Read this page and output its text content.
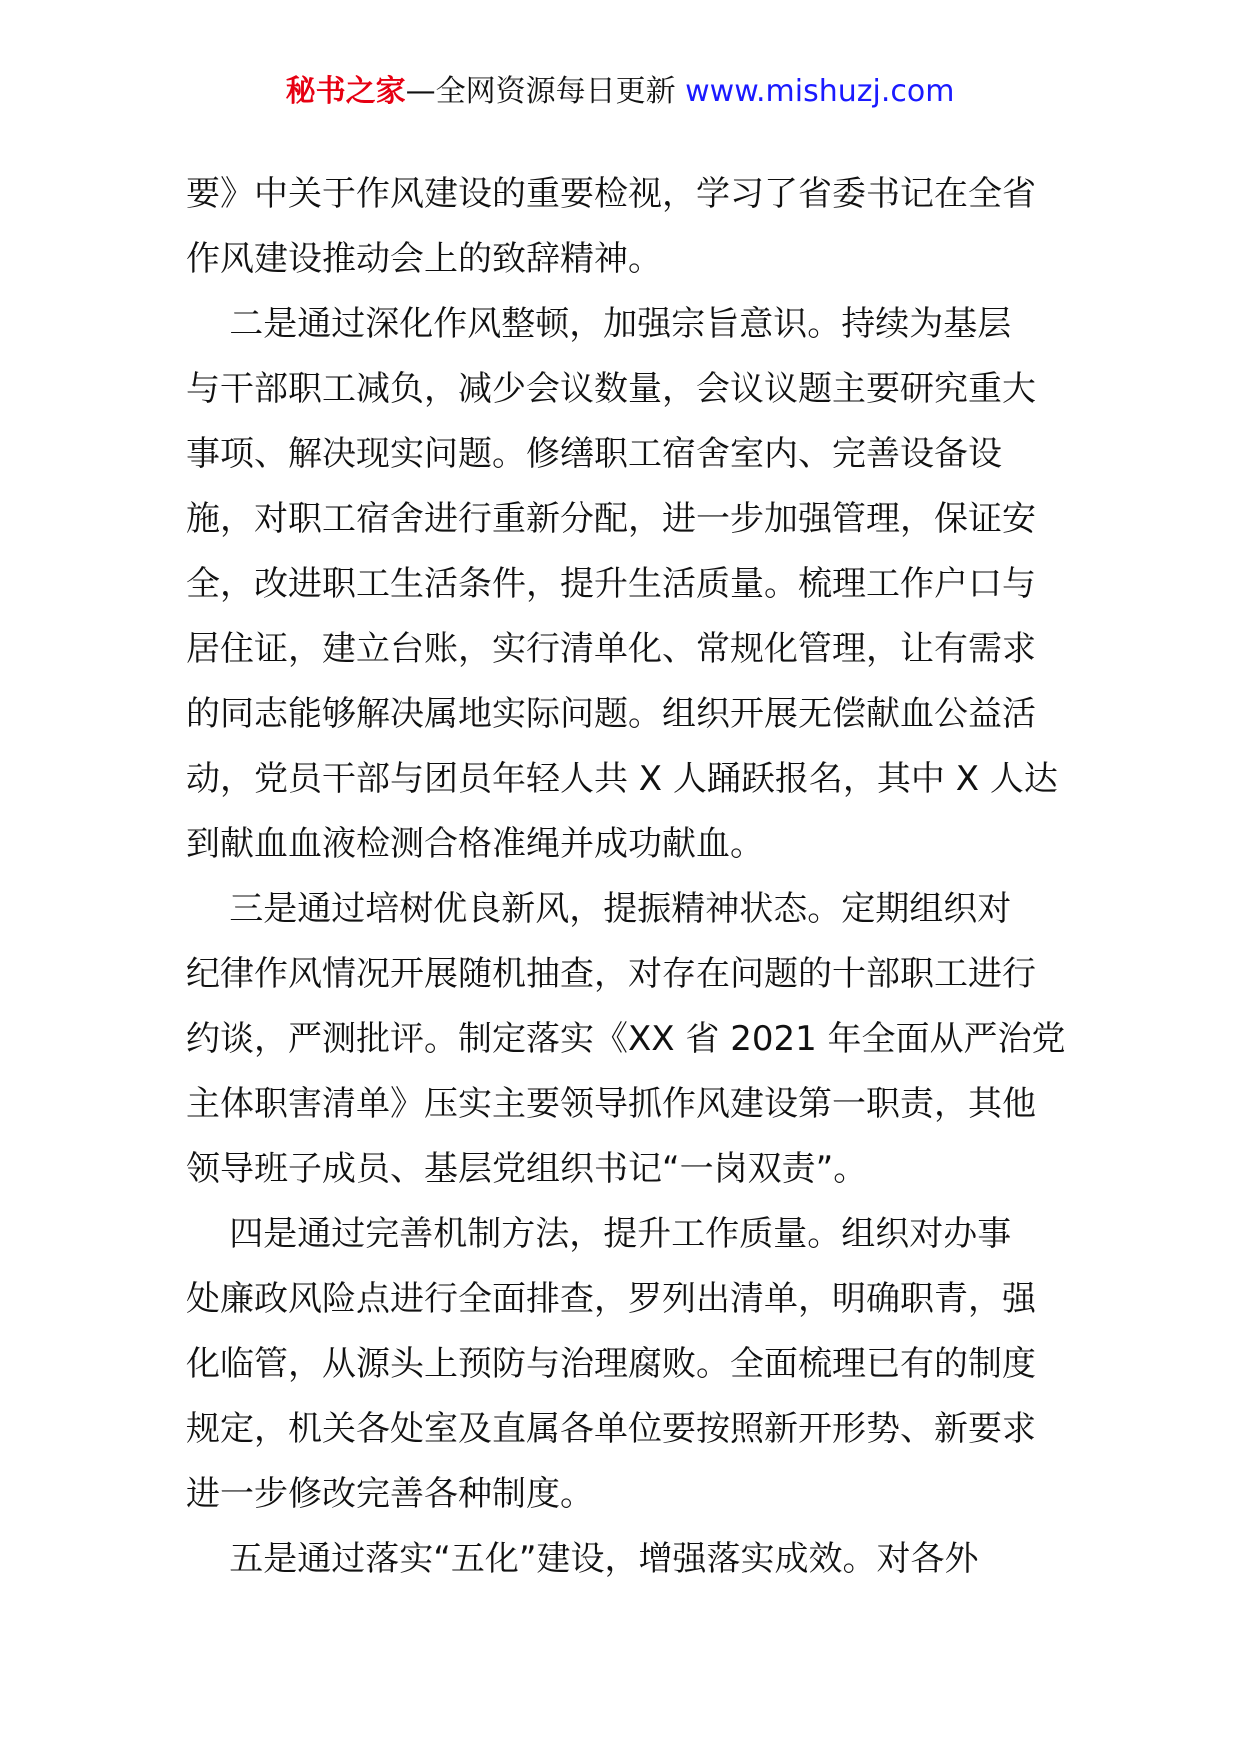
秘书之家—全网资源每日更新 www.mishuzj.com

要》中关于作风建设的重要检视，学习了省委书记在全省

作风建设推动会上的致辞精神。

二是通过深化作风整顿，加强宗旨意识。持续为基层

与干部职工减负，减少会议数量，会议议题主要研究重大

事项、解决现实问题。修缮职工宿舍室内、完善设备设

施，对职工宿舍进行重新分配，进一步加强管理，保证安

全，改进职工生活条件，提升生活质量。梳理工作户口与

居住证，建立台账，实行清单化、常规化管理，让有需求

的同志能够解决属地实际问题。组织开展无偿献血公益活

动，党员干部与团员年轻人共 X 人踊跃报名，其中 X 人达

到献血血液检测合格准绳并成功献血。

三是通过培树优良新风，提振精神状态。定期组织对

纪律作风情况开展随机抽查，对存在问题的十部职工进行

约谈，严测批评。制定落实《XX 省 2021 年全面从严治党

主体职害清单》压实主要领导抓作风建设第一职责，其他

领导班子成员、基层党组织书记“一岗双责”。

四是通过完善机制方法，提升工作质量。组织对办事

处廉政风险点进行全面排查，罗列出清单，明确职青，强

化临管，从源头上预防与治理腐败。全面梳理已有的制度

规定，机关各处室及直属各单位要按照新开形势、新要求

进一步修改完善各种制度。

五是通过落实“五化”建设，增强落实成效。对各外
